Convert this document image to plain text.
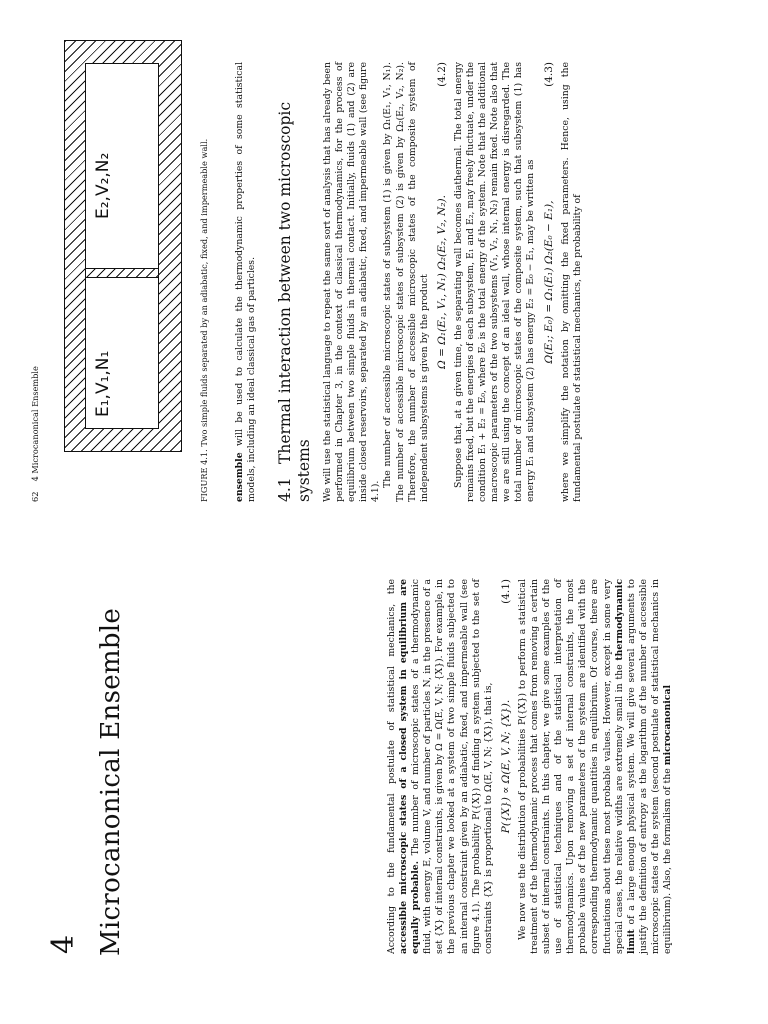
4 Microcanonical Ensemble	According to the fundamental postulate of statistical mechanics, the accessible microscopic states of a closed system in equilibrium are equally probable. The number of microscopic states of a thermodynamic fluid, with energy E, volume V, and number of particles N, in the presence of a set {X} of internal constraints, is given by Ω = Ω(E, V, N; {X}). For example, in the previous chapter we looked at a system of two simple fluids subjected to an internal constraint given by an adiabatic, fixed, and impermeable wall (see figure 4.1). The probability P({X}) of finding a system subjected to the set of constraints {X} is proportional to Ω(E, V, N; {X}), that is, P({X}) ∝ Ω(E, V, N; {X}).
(4.1) We now use the distribution of probabilities P({X}) to perform a statistical treatment of the thermodynamic process that comes from removing a certain subset of internal constraints. In this chapter, we give some examples of the use of statistical techniques and of the statistical interpretation of thermodynamics. Upon removing a set of internal constraints, the most probable values of the new parameters of the system are identified with the corresponding thermodynamic quantities in equilibrium. Of course, there are fluctuations about these most probable values. However, except in some very special cases, the relative widths are extremely small in the thermodynamic limit of a large enough physical system. We will give several arguments to justify the definition of entropy as the logarithm of the number of accessible microscopic states of the system (second postulate of statistical mechanics in equilibrium). Also, the formalism of the microcanonical

62 4 Microcanonical Ensemble	E₁,V₁,N₁
E₂,V₂,N₂	FIGURE 4.1. Two simple fluids separated by an adiabatic, fixed, and impermeable wall.	ensemble will be used to calculate the thermodynamic properties of some statistical models, including an ideal classical gas of particles. 4.1Thermal interaction between two microscopic systems We will use the statistical language to repeat the same sort of analysis that has already been performed in Chapter 3, in the context of classical thermodynamics, for the process of equilibrium between two simple fluids in thermal contact. Initially, fluids (1) and (2) are inside closed reservoirs, separated by an adiabatic, fixed, and impermeable wall (see figure 4.1).

The number of accessible microscopic states of subsystem (1) is given by Ω₁(E₁, V₁, N₁). The number of accessible microscopic states of subsystem (2) is given by Ω₂(E₂, V₂, N₂). Therefore, the number of accessible microscopic states of the composite system of independent subsystems is given by the product Ω = Ω₁(E₁, V₁, N₁) Ω₂(E₂, V₂, N₂).
(4.2) Suppose that, at a given time, the separating wall becomes diathermal. The total energy remains fixed, but the energies of each subsystem, E₁ and E₂, may freely fluctuate, under the condition E₁ + E₂ = E₀, where E₀ is the total energy of the system. Note that the additional macroscopic parameters of the two subsystems (V₁, V₂, N₁, N₂) remain fixed. Note also that we are still using the concept of an ideal wall, whose internal energy is disregarded. The total number of microscopic states of the composite system, such that subsystem (1) has energy E₁ and subsystem (2) has energy E₂ = E₀ − E₁, may be written as Ω(E₁; E₀) = Ω₁(E₁) Ω₂(E₀ − E₁),
(4.3) where we simplify the notation by omitting the fixed parameters. Hence, using the fundamental postulate of statistical mechanics, the probability of
